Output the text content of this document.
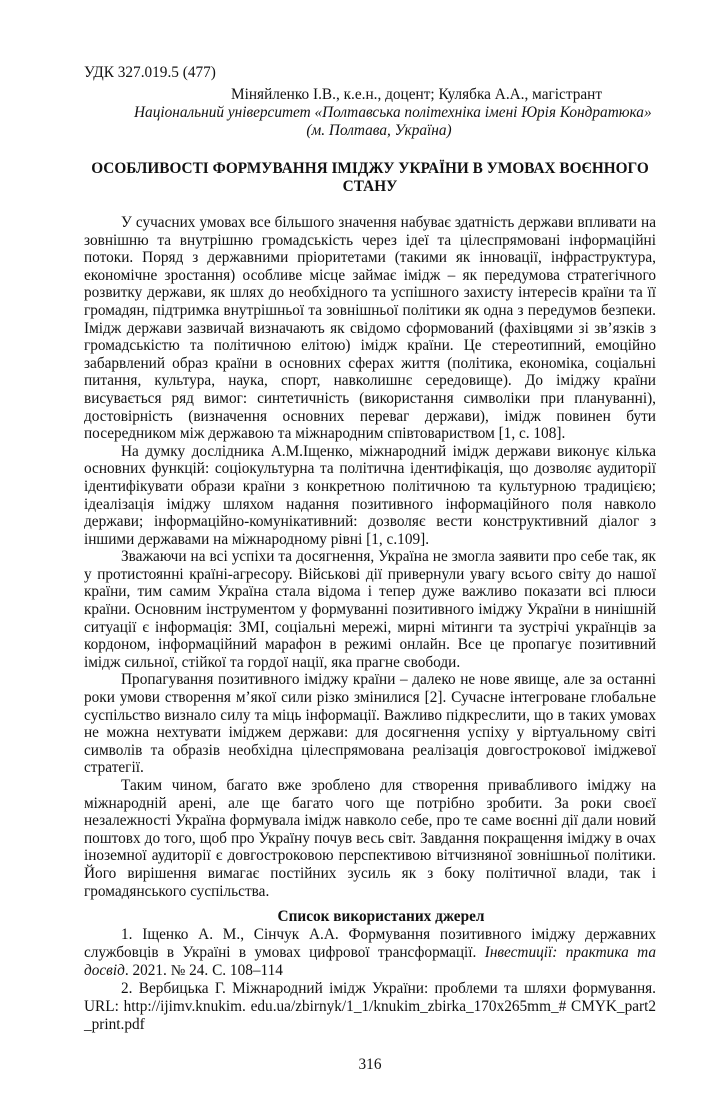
УДК 327.019.5 (477)
Міняйленко І.В., к.е.н., доцент; Кулябка А.А., магістрант
Національний університет «Полтавська політехніка імені Юрія Кондратюка»
(м. Полтава, Україна)
ОСОБЛИВОСТІ ФОРМУВАННЯ ІМІДЖУ УКРАЇНИ В УМОВАХ ВОЄННОГО СТАНУ

У сучасних умовах все більшого значення набуває здатність держави впливати на зовнішню та внутрішню громадськість через ідеї та цілеспрямовані інформаційні потоки. Поряд з державними пріоритетами (такими як інновації, інфраструктура, економічне зростання) особливе місце займає імідж – як передумова стратегічного розвитку держави, як шлях до необхідного та успішного захисту інтересів країни та її громадян, підтримка внутрішньої та зовнішньої політики як одна з передумов безпеки. Імідж держави зазвичай визначають як свідомо сформований (фахівцями зі зв’язків з громадськістю та політичною елітою) імідж країни. Це стереотипний, емоційно забарвлений образ країни в основних сферах життя (політика, економіка, соціальні питання, культура, наука, спорт, навколишнє середовище). До іміджу країни висувається ряд вимог: синтетичність (використання символіки при плануванні), достовірність (визначення основних переваг держави), імідж повинен бути посередником між державою та міжнародним співтовариством [1, с. 108].

На думку дослідника А.М.Іщенко, міжнародний імідж держави виконує кілька основних функцій: соціокультурна та політична ідентифікація, що дозволяє аудиторії ідентифікувати образи країни з конкретною політичною та культурною традицією; ідеалізація іміджу шляхом надання позитивного інформаційного поля навколо держави; інформаційно-комунікативний: дозволяє вести конструктивний діалог з іншими державами на міжнародному рівні [1, с.109].

Зважаючи на всі успіхи та досягнення, Україна не змогла заявити про себе так, як у протистоянні країні-агресору. Військові дії привернули увагу всього світу до нашої країни, тим самим Україна стала відома і тепер дуже важливо показати всі плюси країни. Основним інструментом у формуванні позитивного іміджу України в нинішній ситуації є інформація: ЗМІ, соціальні мережі, мирні мітинги та зустрічі українців за кордоном, інформаційний марафон в режимі онлайн. Все це пропагує позитивний імідж сильної, стійкої та гордої нації, яка прагне свободи.

Пропагування позитивного іміджу країни – далеко не нове явище, але за останні роки умови створення м’якої сили різко змінилися [2]. Сучасне інтегроване глобальне суспільство визнало силу та міць інформації. Важливо підкреслити, що в таких умовах не можна нехтувати іміджем держави: для досягнення успіху у віртуальному світі символів та образів необхідна цілеспрямована реалізація довгострокової іміджевої стратегії.

Таким чином, багато вже зроблено для створення привабливого іміджу на міжнародній арені, але ще багато чого ще потрібно зробити. За роки своєї незалежності Україна формувала імідж навколо себе, про те саме воєнні дії дали новий поштовх до того, щоб про Україну почув весь світ. Завдання покращення іміджу в очах іноземної аудиторії є довгостроковою перспективою вітчизняної зовнішньої політики. Його вирішення вимагає постійних зусиль як з боку політичної влади, так і громадянського суспільства.

Список використаних джерел

1. Іщенко А. М., Сінчук А.А. Формування позитивного іміджу державних службовців в Україні в умовах цифрової трансформації. Інвестиції: практика та досвід. 2021. № 24. С. 108–114

2. Вербицька Г. Міжнародний імідж України: проблеми та шляхи формування. URL: http://ijimv.knukim. edu.ua/zbirnyk/1_1/knukim_zbirka_170x265mm_# CMYK_part2_print.pdf

316
